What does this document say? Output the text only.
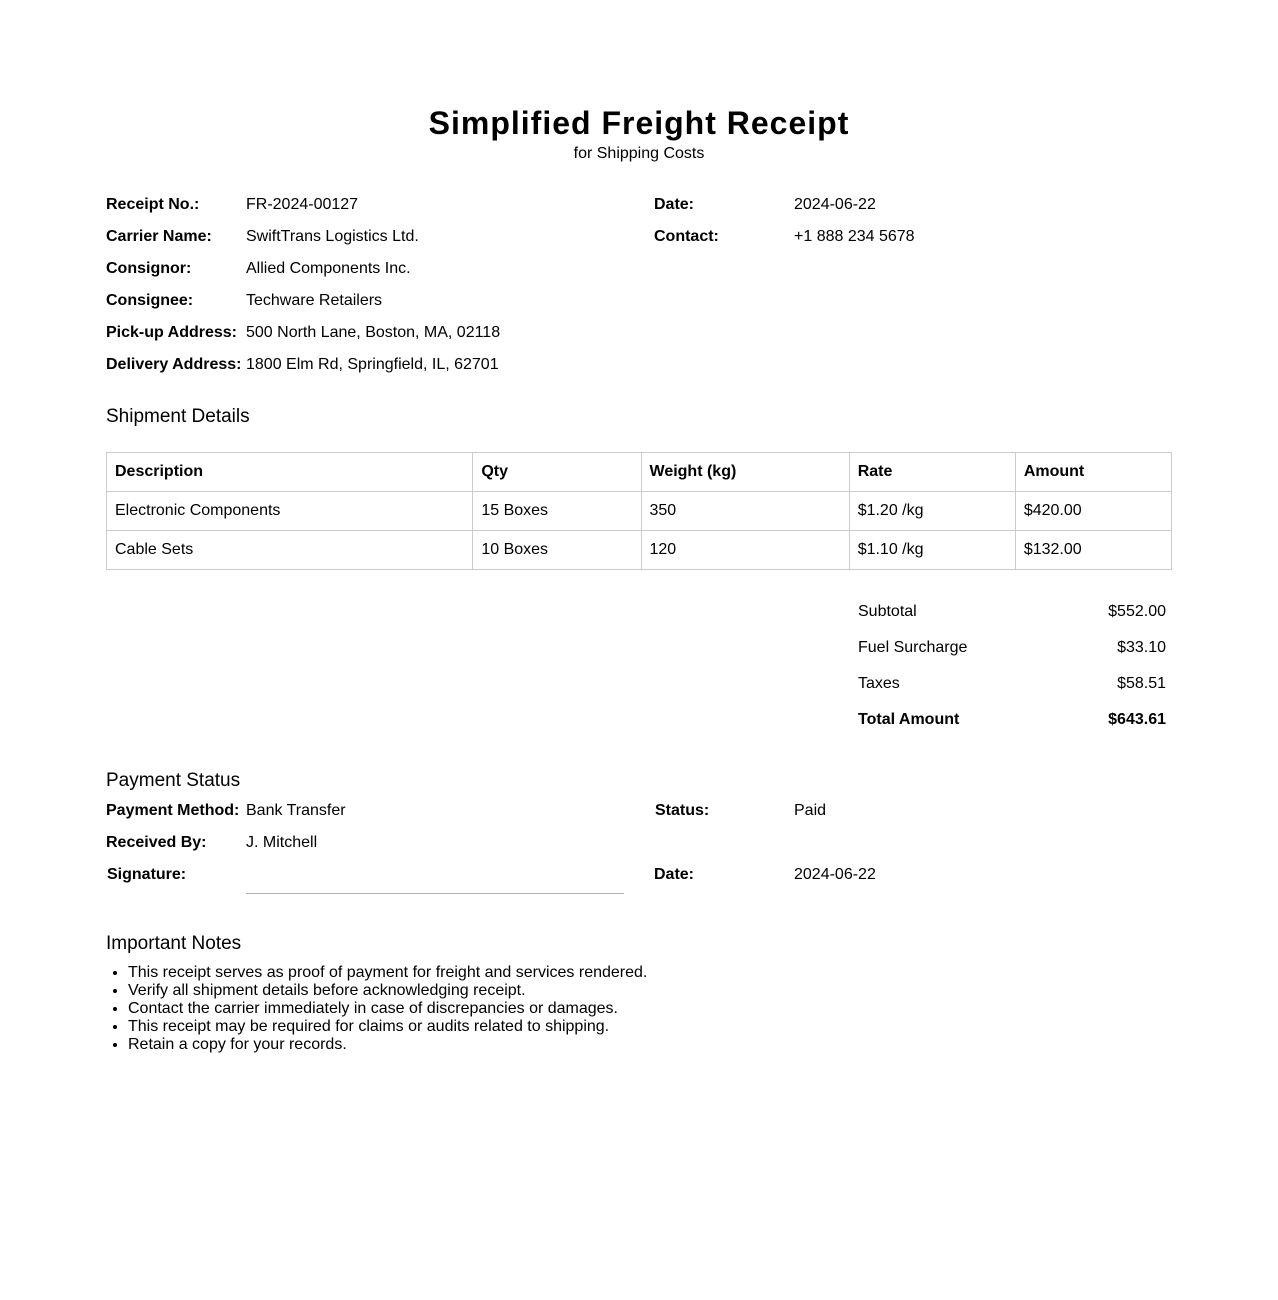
Simplified Freight Receipt
for Shipping Costs
Receipt No.:	FR-2024-00127	Date:	2024-06-22
Carrier Name: SwiftTrans Logistics Ltd.	Contact:	+1 888 234 5678
Consignor:	Allied Components Inc.
Consignee:	Techware Retailers
Pick-up Address: 500 North Lane, Boston, MA, 02118
Delivery Address: 1800 Elm Rd, Springfield, IL, 62701
Shipment Details
Description	Qty	Weight (kg)	Rate	Amount
Electronic Components	15 Boxes	350	$1.20 /kg	$420.00
Cable Sets	10 Boxes	120	$1.10 /kg	$132.00
Subtotal	$552.00
Fuel Surcharge	$33.10
Taxes	$58.51
Total Amount	$643.61
Payment Status
Payment Method: Bank Transfer	Status:	Paid
Received By: J. Mitchell
Signature:	Date:	2024-06-22
Important Notes
• This receipt serves as proof of payment for freight and services rendered.
• Verify all shipment details before acknowledging receipt.
• Contact the carrier immediately in case of discrepancies or damages.
• This receipt may be required for claims or audits related to shipping.
• Retain a copy for your records.
